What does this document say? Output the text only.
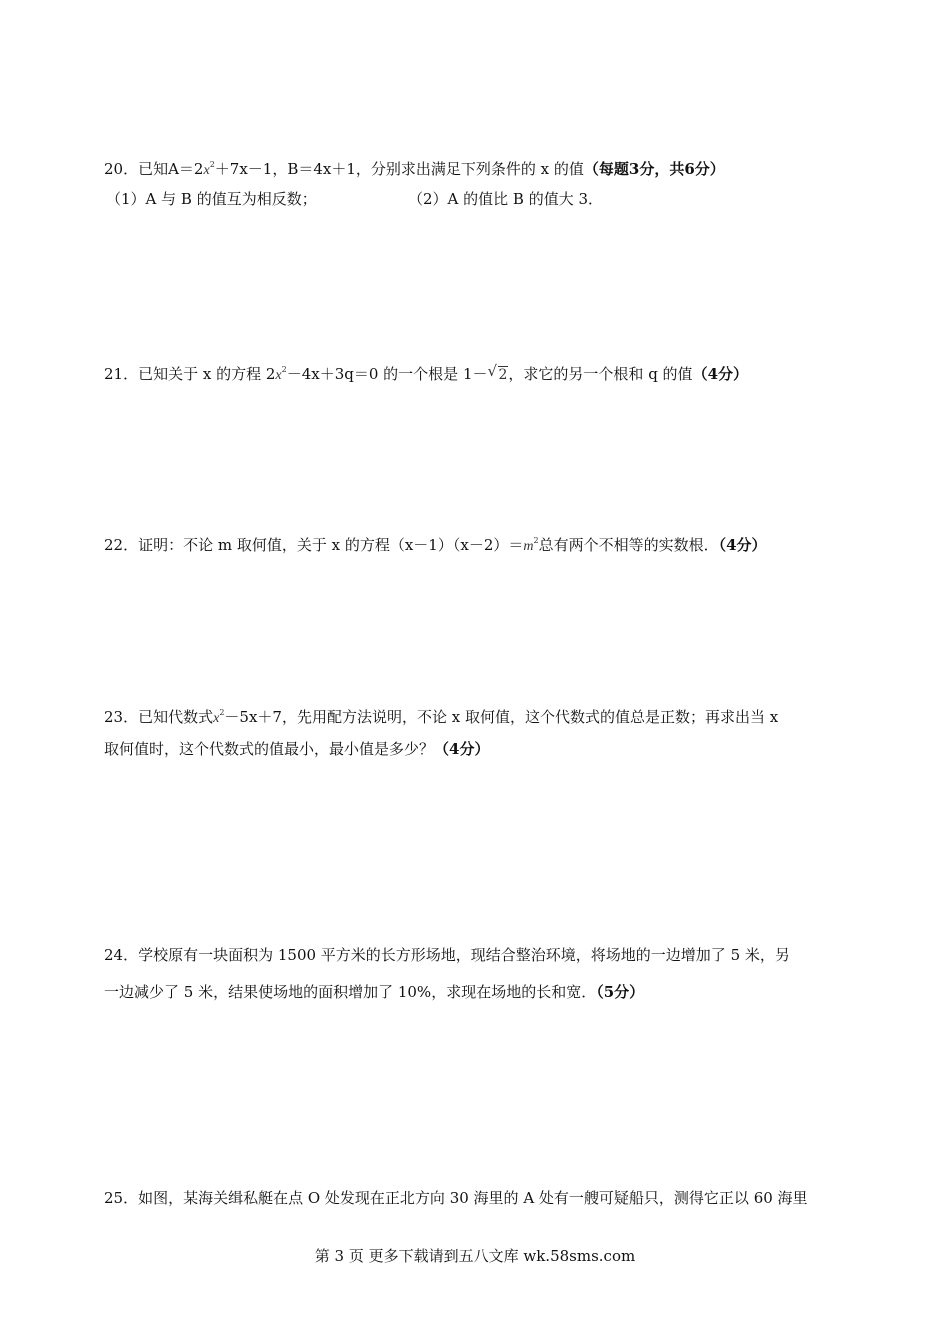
20．已知$A=2x^2+7x-1$，B＝4x＋1，分别求出满足下列条件的 x 的值（每题3分，共6分）
（1）A 与 B 的值互为相反数；	（2）A 的值比 B 的值大 3．
21．已知关于 x 的方程 $2x^2-4x+3q=0$ 的一个根是 1－√ 2，求它的另一个根和 q 的值（4分）
22．证明：不论 m 取何值，关于 x 的方程$(x-1)(x-2)=m^2$总有两个不相等的实数根．（4分）
23．已知代数式$x^2-5x+7$，先用配方法说明，不论 x 取何值，这个代数式的值总是正数；再求出当 x
取何值时，这个代数式的值最小，最小值是多少？（4分）
24．学校原有一块面积为 1500 平方米的长方形场地，现结合整治环境，将场地的一边增加了 5 米，另
一边减少了 5 米，结果使场地的面积增加了 10%，求现在场地的长和宽．（5分）
25．如图，某海关缉私艇在点 O 处发现在正北方向 30 海里的 A 处有一艘可疑船只，测得它正以 60 海里
第 3 页 更多下载请到五八文库 wk.58sms.com
